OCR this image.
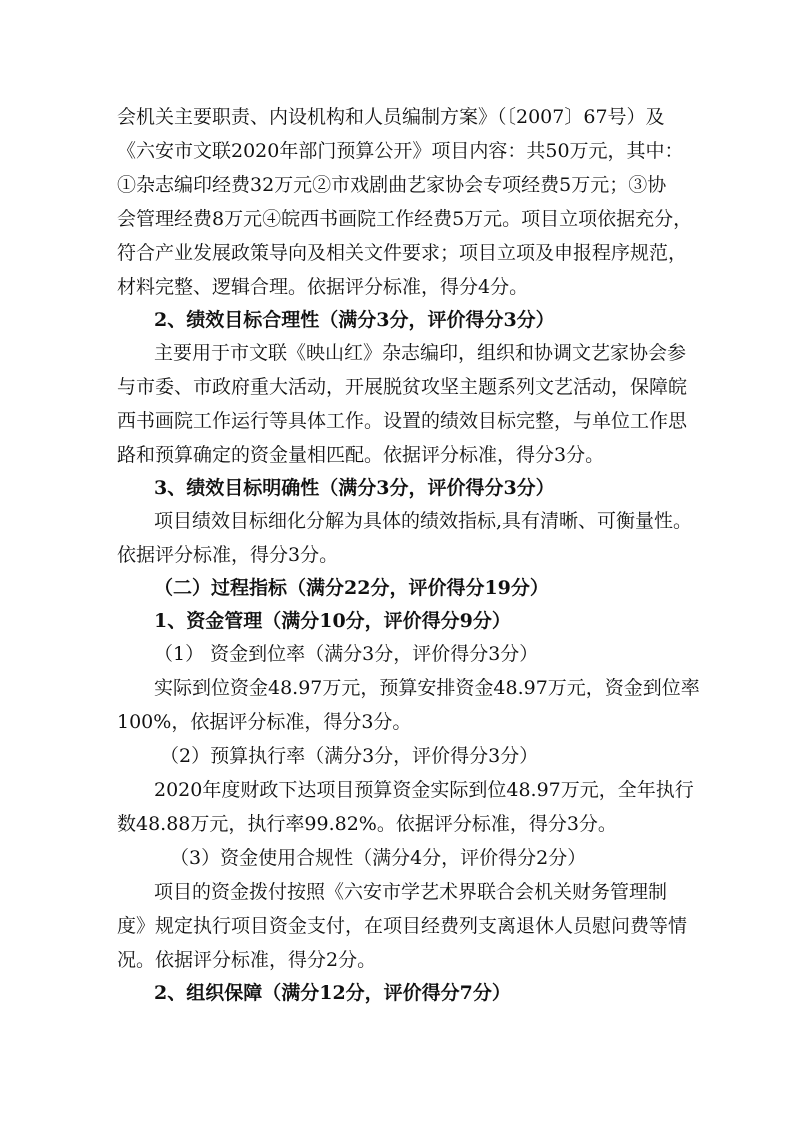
会机关主要职责、内设机构和人员编制方案》（〔2007〕67号）及
《六安市文联2020年部门预算公开》项目内容：共50万元，其中：
①杂志编印经费32万元②市戏剧曲艺家协会专项经费5万元；③协
会管理经费8万元④皖西书画院工作经费5万元。项目立项依据充分，
符合产业发展政策导向及相关文件要求；项目立项及申报程序规范，
材料完整、逻辑合理。依据评分标准，得分4分。
2、绩效目标合理性（满分3分，评价得分3分）
主要用于市文联《映山红》杂志编印，组织和协调文艺家协会参
与市委、市政府重大活动，开展脱贫攻坚主题系列文艺活动，保障皖
西书画院工作运行等具体工作。设置的绩效目标完整，与单位工作思
路和预算确定的资金量相匹配。依据评分标准，得分3分。
3、绩效目标明确性（满分3分，评价得分3分）
项目绩效目标细化分解为具体的绩效指标,具有清晰、可衡量性。
依据评分标准，得分3分。
（二）过程指标（满分22分，评价得分19分）
1、资金管理（满分10分，评价得分9分）
（1） 资金到位率（满分3分，评价得分3分）
实际到位资金48.97万元，预算安排资金48.97万元，资金到位率
100%，依据评分标准，得分3分。
（2）预算执行率（满分3分，评价得分3分）
2020年度财政下达项目预算资金实际到位48.97万元，全年执行
数48.88万元，执行率99.82%。依据评分标准，得分3分。
（3）资金使用合规性（满分4分，评价得分2分）
项目的资金拨付按照《六安市学艺术界联合会机关财务管理制
度》规定执行项目资金支付，在项目经费列支离退休人员慰问费等情
况。依据评分标准，得分2分。
2、组织保障（满分12分，评价得分7分）
